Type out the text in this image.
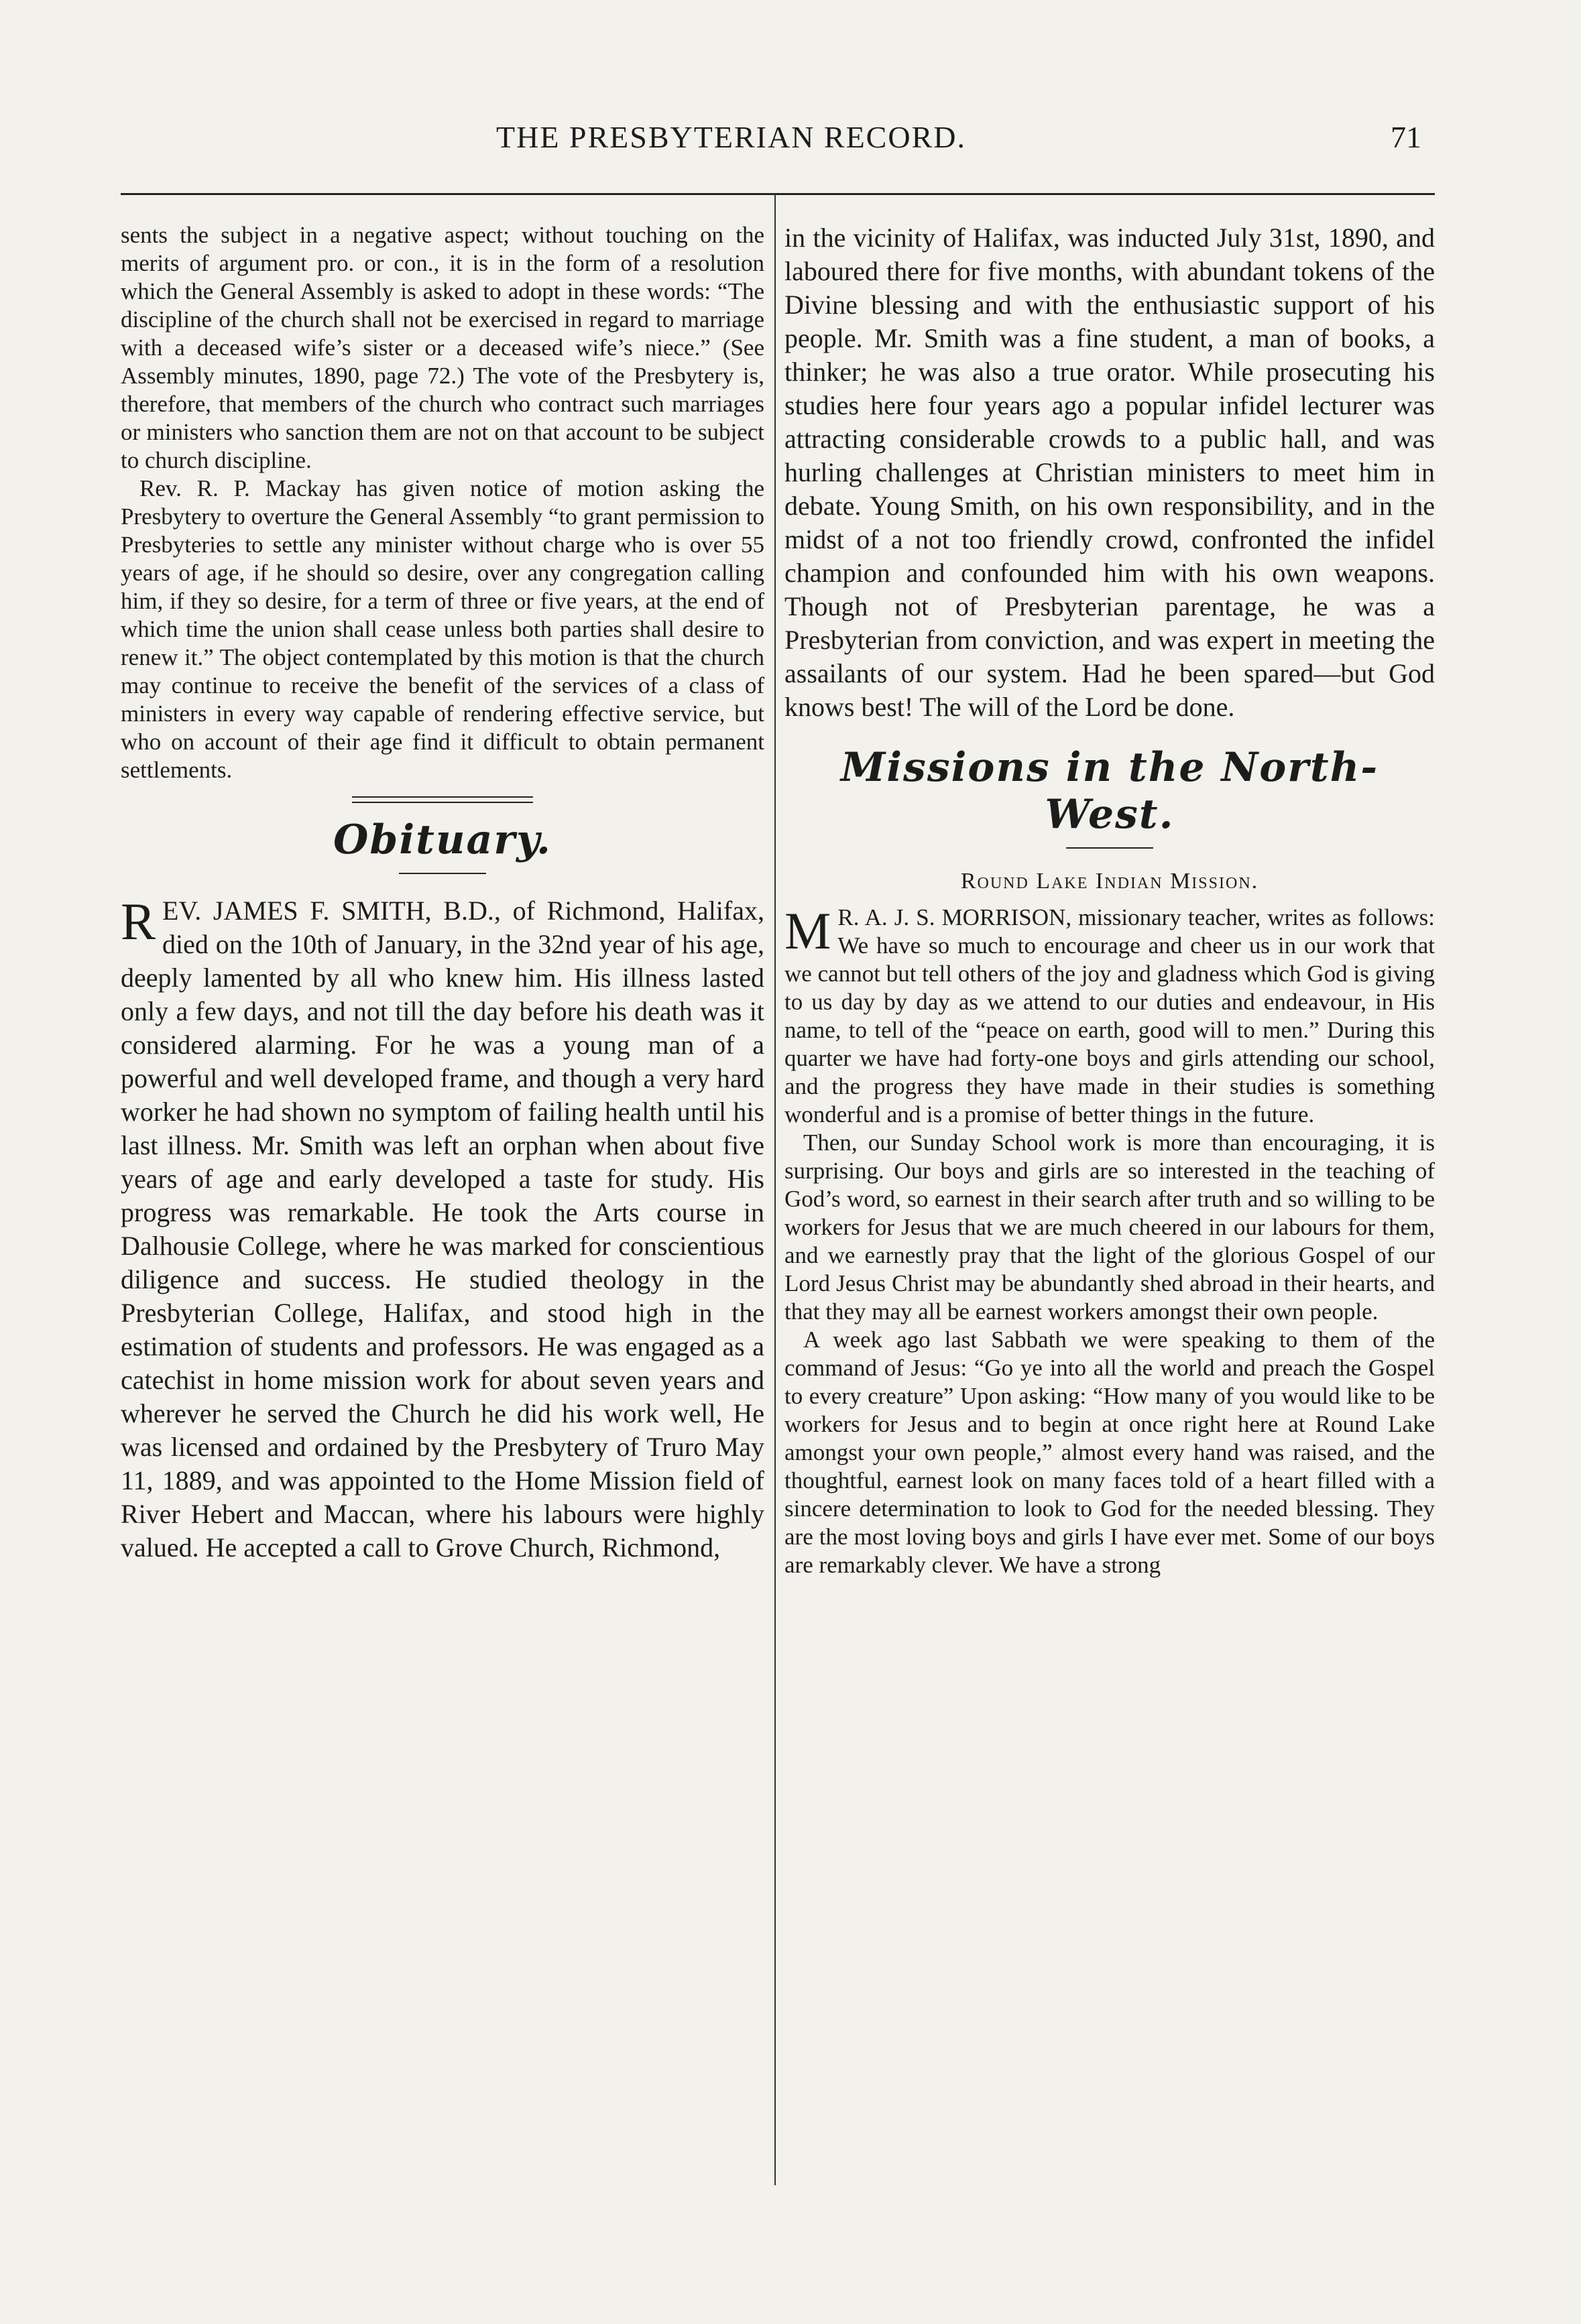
THE PRESBYTERIAN RECORD.	71

sents the subject in a negative aspect; without touching on the merits of argument pro. or con., it is in the form of a resolution which the General Assembly is asked to adopt in these words: “The discipline of the church shall not be exercised in regard to marriage with a deceased wife’s sister or a deceased wife’s niece.” (See Assembly minutes, 1890, page 72.) The vote of the Presbytery is, therefore, that members of the church who contract such marriages or ministers who sanction them are not on that account to be subject to church discipline.

Rev. R. P. Mackay has given notice of motion asking the Presbytery to overture the General Assembly “to grant permission to Presbyteries to settle any minister without charge who is over 55 years of age, if he should so desire, over any congregation calling him, if they so desire, for a term of three or five years, at the end of which time the union shall cease unless both parties shall desire to renew it.” The object contemplated by this motion is that the church may continue to receive the benefit of the services of a class of ministers in every way capable of rendering effective service, but who on account of their age find it difficult to obtain permanent settlements.

Obituary.

REV. JAMES F. SMITH, B.D., of Richmond, Halifax, died on the 10th of January, in the 32nd year of his age, deeply lamented by all who knew him. His illness lasted only a few days, and not till the day before his death was it considered alarming. For he was a young man of a powerful and well developed frame, and though a very hard worker he had shown no symptom of failing health until his last illness. Mr. Smith was left an orphan when about five years of age and early developed a taste for study. His progress was remarkable. He took the Arts course in Dalhousie College, where he was marked for conscientious diligence and success. He studied theology in the Presbyterian College, Halifax, and stood high in the estimation of students and professors. He was engaged as a catechist in home mission work for about seven years and wherever he served the Church he did his work well, He was licensed and ordained by the Presbytery of Truro May 11, 1889, and was appointed to the Home Mission field of River Hebert and Maccan, where his labours were highly valued. He accepted a call to Grove Church, Richmond,

in the vicinity of Halifax, was inducted July 31st, 1890, and laboured there for five months, with abundant tokens of the Divine blessing and with the enthusiastic support of his people. Mr. Smith was a fine student, a man of books, a thinker; he was also a true orator. While prosecuting his studies here four years ago a popular infidel lecturer was attracting considerable crowds to a public hall, and was hurling challenges at Christian ministers to meet him in debate. Young Smith, on his own responsibility, and in the midst of a not too friendly crowd, confronted the infidel champion and confounded him with his own weapons. Though not of Presbyterian parentage, he was a Presbyterian from conviction, and was expert in meeting the assailants of our system. Had he been spared—but God knows best! The will of the Lord be done.

Missions in the North-West.
Round Lake Indian Mission.

M R. A. J. S. MORRISON, missionary teacher, writes as follows: We have so much to encourage and cheer us in our work that we cannot but tell others of the joy and gladness which God is giving to us day by day as we attend to our duties and endeavour, in His name, to tell of the “peace on earth, good will to men.” During this quarter we have had forty-one boys and girls attending our school, and the progress they have made in their studies is something wonderful and is a promise of better things in the future.

Then, our Sunday School work is more than encouraging, it is surprising. Our boys and girls are so interested in the teaching of God’s word, so earnest in their search after truth and so willing to be workers for Jesus that we are much cheered in our labours for them, and we earnestly pray that the light of the glorious Gospel of our Lord Jesus Christ may be abundantly shed abroad in their hearts, and that they may all be earnest workers amongst their own people.

A week ago last Sabbath we were speaking to them of the command of Jesus: “Go ye into all the world and preach the Gospel to every creature” Upon asking: “How many of you would like to be workers for Jesus and to begin at once right here at Round Lake amongst your own people,” almost every hand was raised, and the thoughtful, earnest look on many faces told of a heart filled with a sincere determination to look to God for the needed blessing. They are the most loving boys and girls I have ever met. Some of our boys are remarkably clever. We have a strong
